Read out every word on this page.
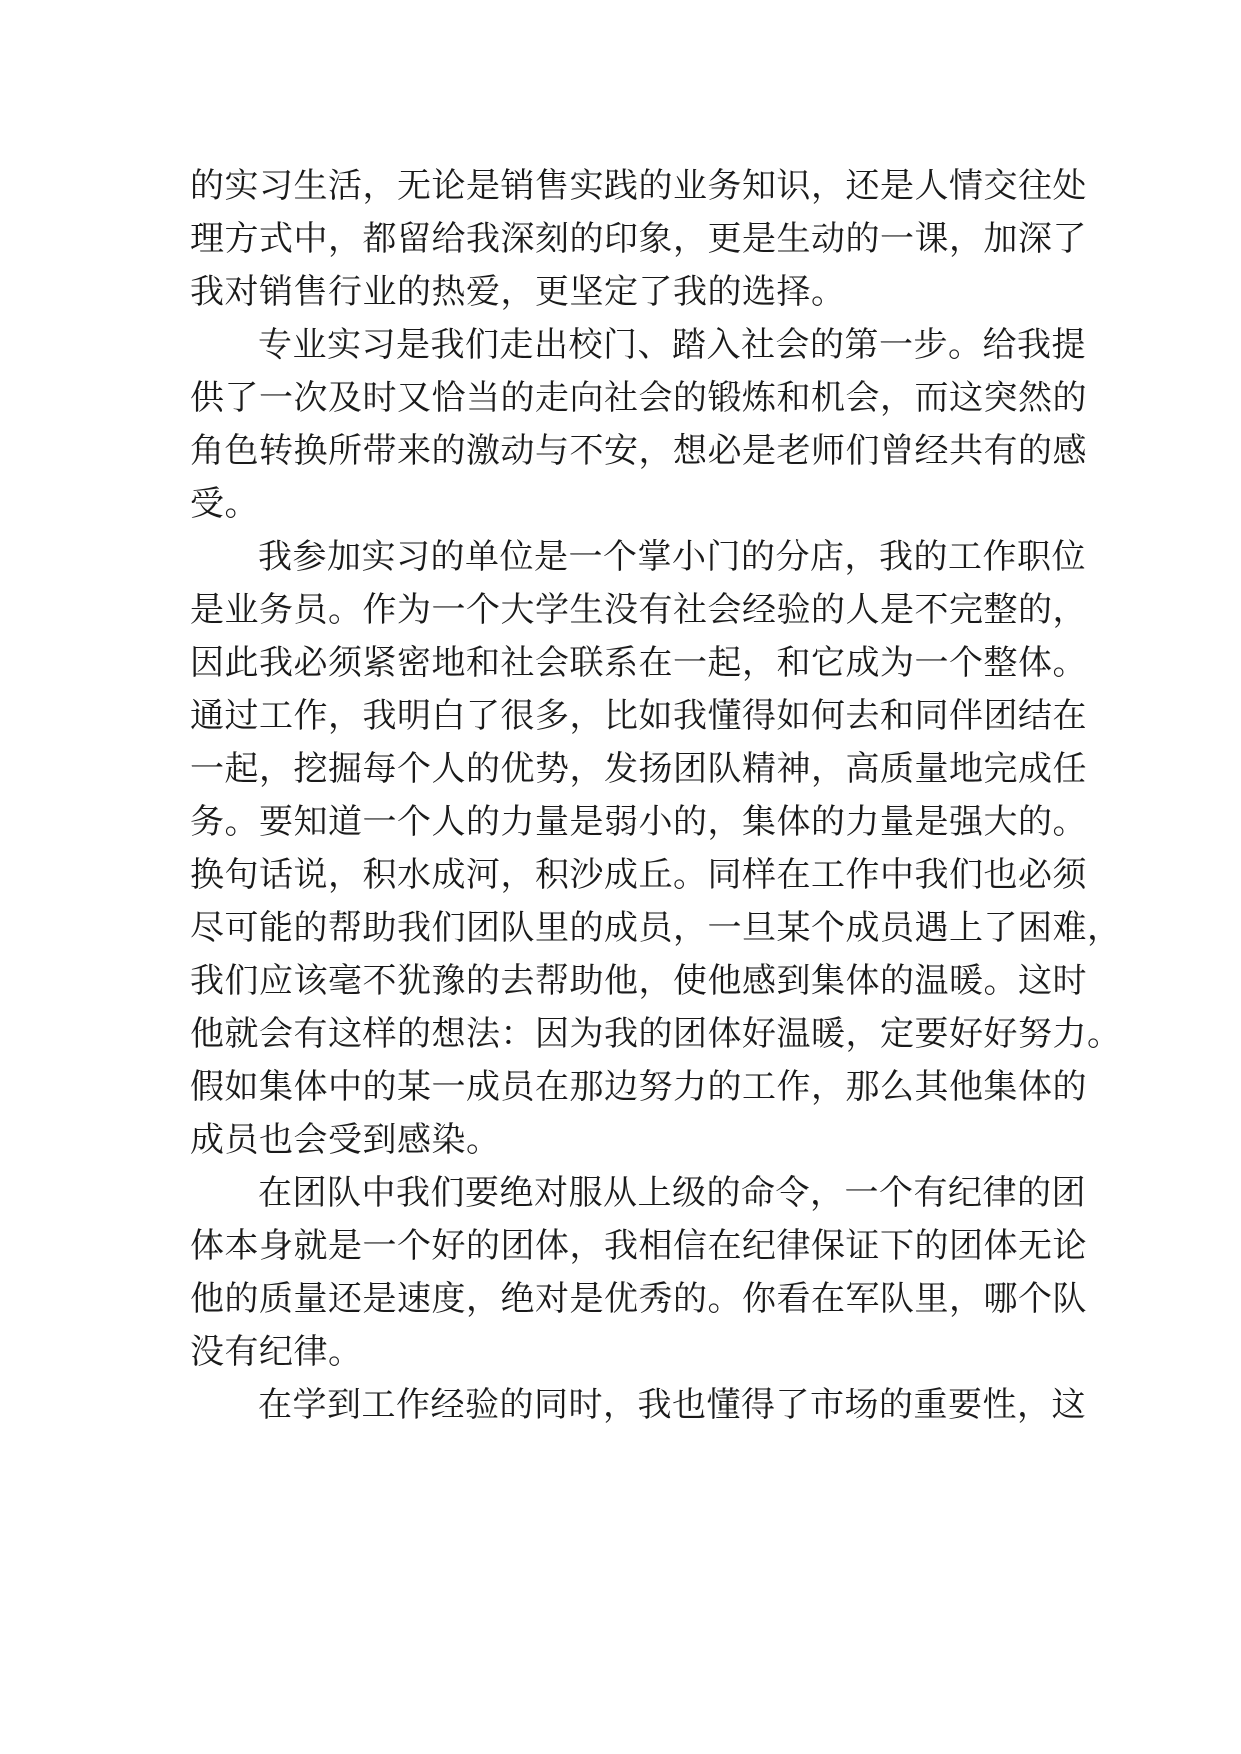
的实习生活，无论是销售实践的业务知识，还是人情交往处
理方式中，都留给我深刻的印象，更是生动的一课，加深了
我对销售行业的热爱，更坚定了我的选择。
专业实习是我们走出校门、踏入社会的第一步。给我提
供了一次及时又恰当的走向社会的锻炼和机会，而这突然的
角色转换所带来的激动与不安，想必是老师们曾经共有的感
受。
我参加实习的单位是一个掌小门的分店，我的工作职位
是业务员。作为一个大学生没有社会经验的人是不完整的，
因此我必须紧密地和社会联系在一起，和它成为一个整体。
通过工作，我明白了很多，比如我懂得如何去和同伴团结在
一起，挖掘每个人的优势，发扬团队精神，高质量地完成任
务。要知道一个人的力量是弱小的，集体的力量是强大的。
换句话说，积水成河，积沙成丘。同样在工作中我们也必须
尽可能的帮助我们团队里的成员，一旦某个成员遇上了困难，
我们应该毫不犹豫的去帮助他，使他感到集体的温暖。这时
他就会有这样的想法：因为我的团体好温暖，定要好好努力。
假如集体中的某一成员在那边努力的工作，那么其他集体的
成员也会受到感染。
在团队中我们要绝对服从上级的命令，一个有纪律的团
体本身就是一个好的团体，我相信在纪律保证下的团体无论
他的质量还是速度，绝对是优秀的。你看在军队里，哪个队
没有纪律。
在学到工作经验的同时，我也懂得了市场的重要性，这
